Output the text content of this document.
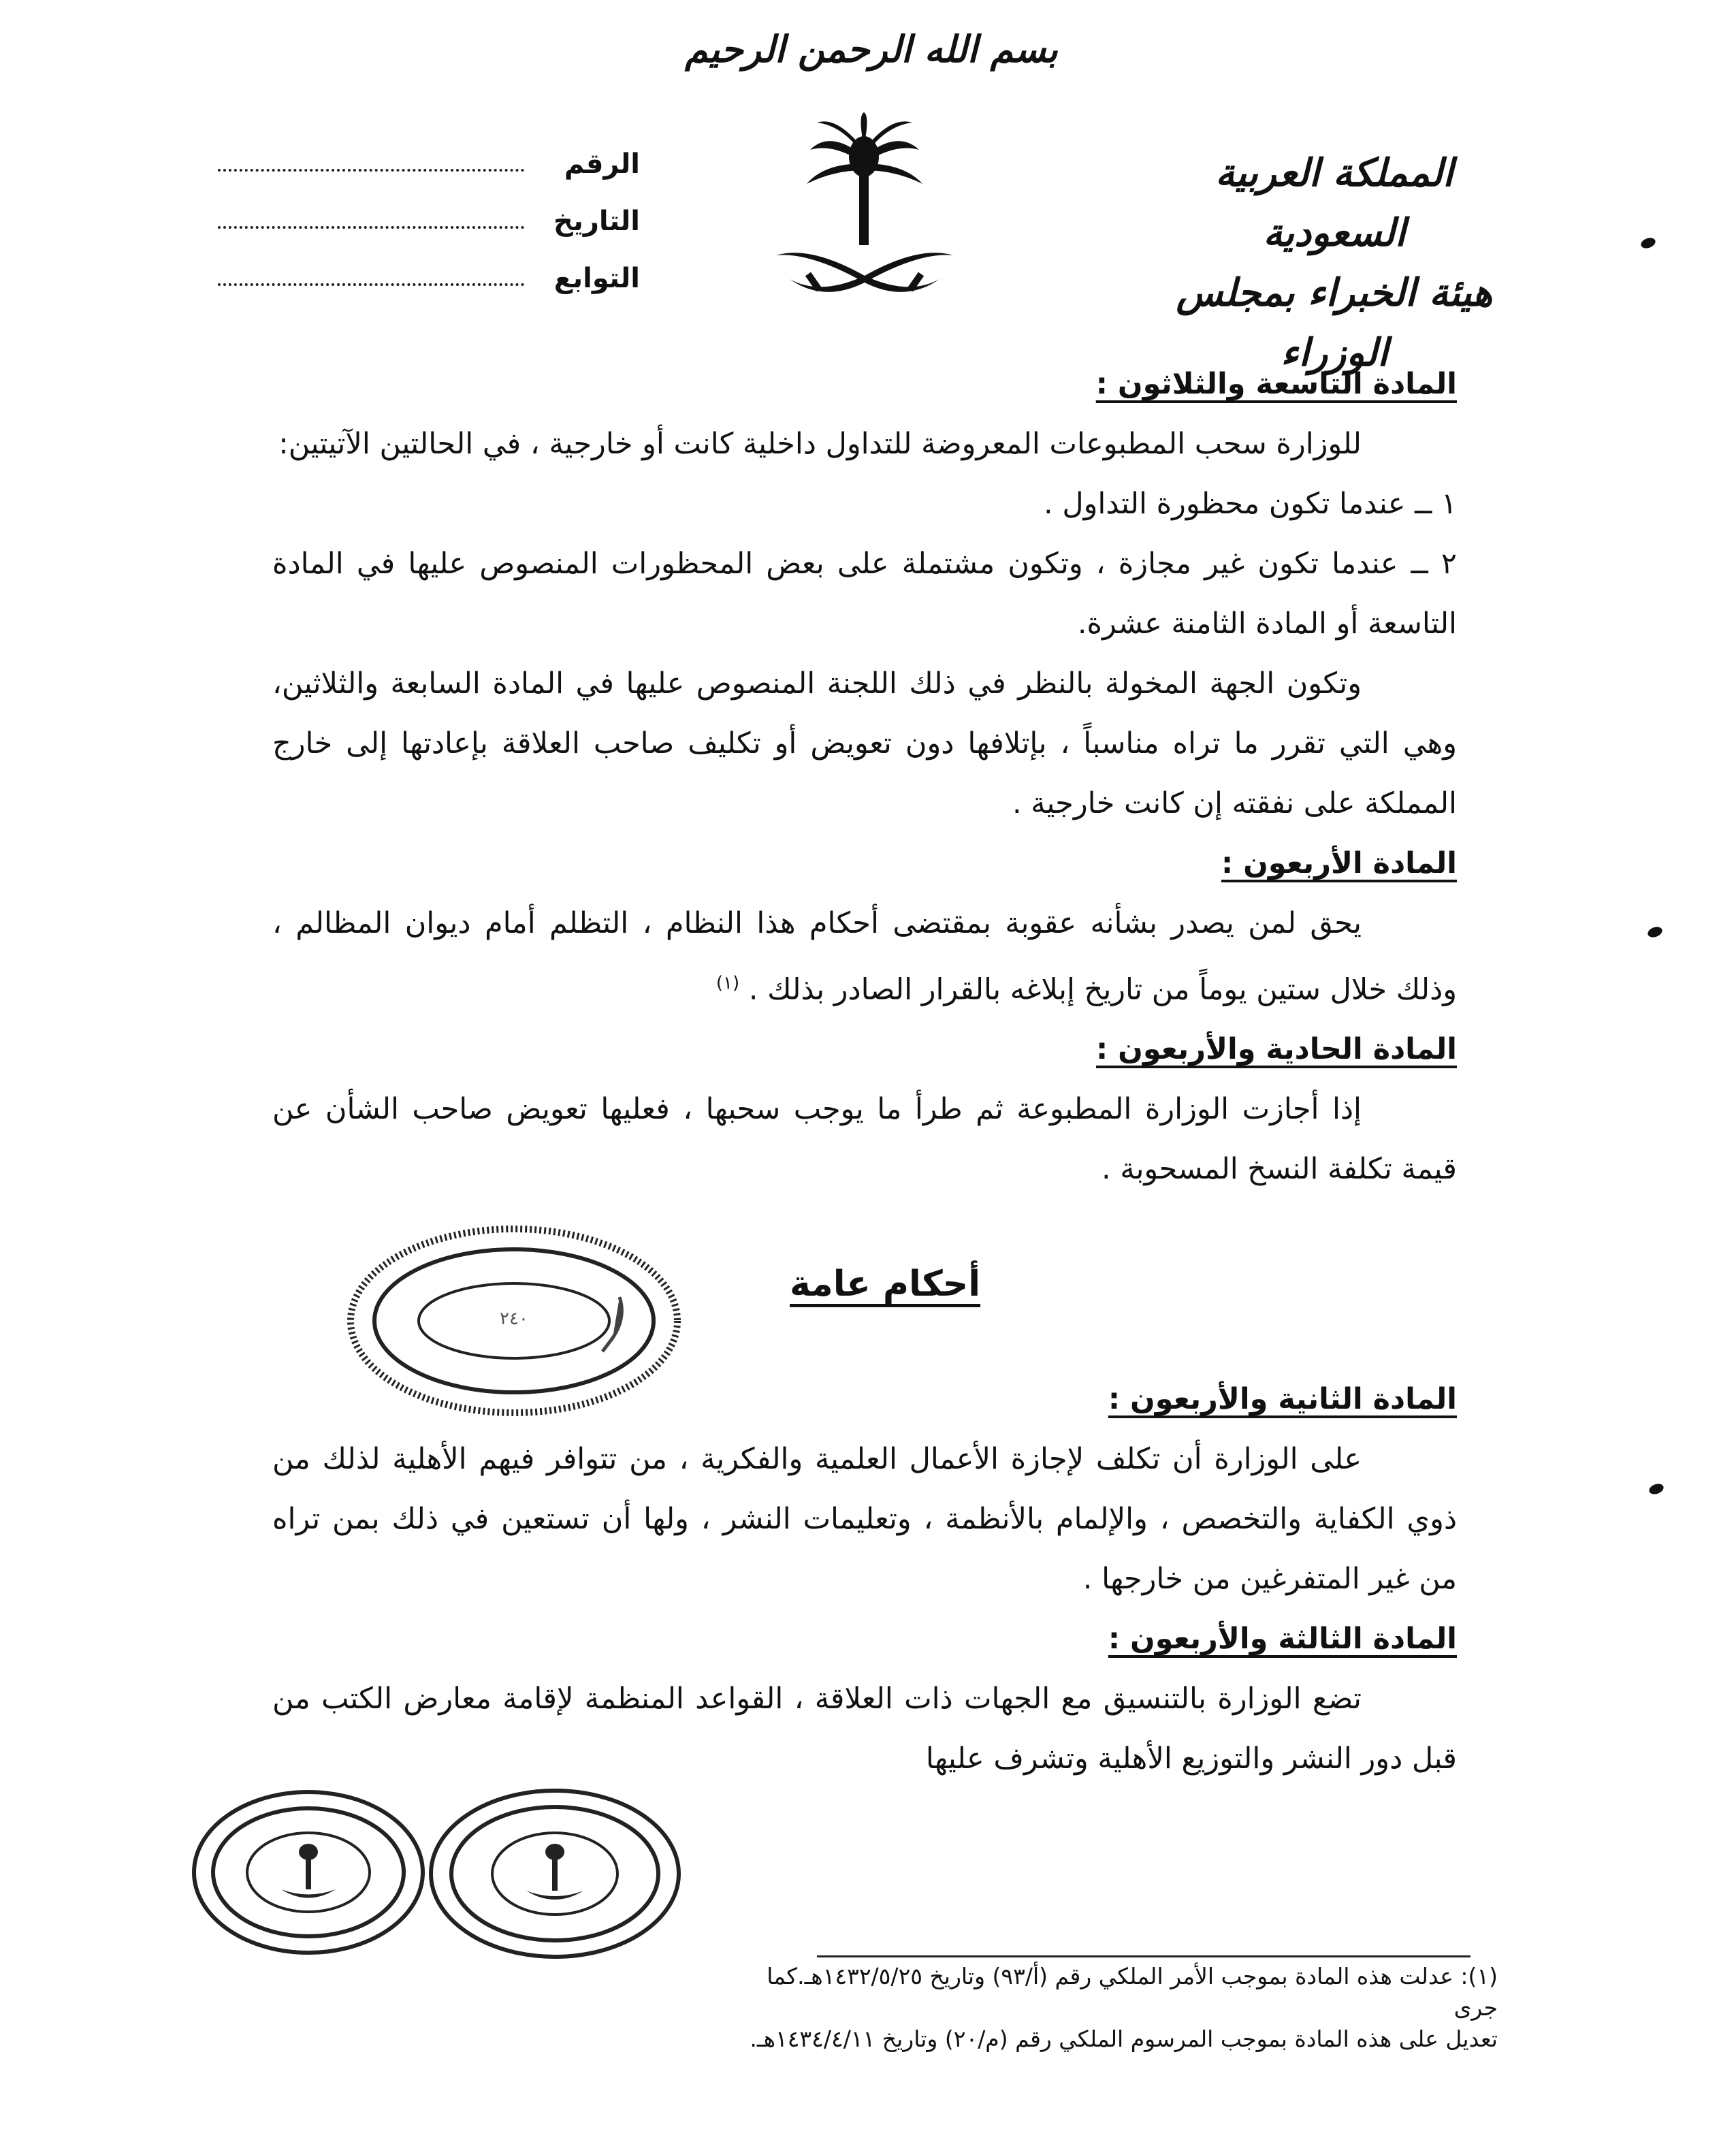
بسم الله الرحمن الرحيم
الرقم
التاريخ
التوابع
المملكة العربية السعودية
هيئة الخبراء بمجلس الوزراء
المادة التاسعة والثلاثون :
للوزارة سحب المطبوعات المعروضة للتداول داخلية كانت أو خارجية ، في الحالتين الآتيتين:
١ ــ عندما تكون محظورة التداول .
٢ ــ عندما تكون غير مجازة ، وتكون مشتملة على بعض المحظورات المنصوص عليها في المادة التاسعة أو المادة الثامنة عشرة.
وتكون الجهة المخولة بالنظر في ذلك اللجنة المنصوص عليها في المادة السابعة والثلاثين، وهي التي تقرر ما تراه مناسباً ، بإتلافها دون تعويض أو تكليف صاحب العلاقة بإعادتها إلى خارج المملكة على نفقته إن كانت خارجية .
المادة الأربعون :
يحق لمن يصدر بشأنه عقوبة بمقتضى أحكام هذا النظام ، التظلم أمام ديوان المظالم ، وذلك خلال ستين يوماً من تاريخ إبلاغه بالقرار الصادر بذلك . $^{(١)}$
المادة الحادية والأربعون :
إذا أجازت الوزارة المطبوعة ثم طرأ ما يوجب سحبها ، فعليها تعويض صاحب الشأن عن قيمة تكلفة النسخ المسحوبة .
أحكام عامة
المادة الثانية والأربعون :
على الوزارة أن تكلف لإجازة الأعمال العلمية والفكرية ، من تتوافر فيهم الأهلية لذلك من ذوي الكفاية والتخصص ، والإلمام بالأنظمة ، وتعليمات النشر ، ولها أن تستعين في ذلك بمن تراه من غير المتفرغين من خارجها .
المادة الثالثة والأربعون :
تضع الوزارة بالتنسيق مع الجهات ذات العلاقة ، القواعد المنظمة لإقامة معارض الكتب من قبل دور النشر والتوزيع الأهلية وتشرف عليها
٢٤٠
(١): عدلت هذه المادة بموجب الأمر الملكي رقم (أ/٩٣) وتاريخ ١٤٣٢/٥/٢٥هـ.كما جرى
تعديل على هذه المادة بموجب المرسوم الملكي رقم (م/٢٠) وتاريخ ١٤٣٤/٤/١١هـ.
